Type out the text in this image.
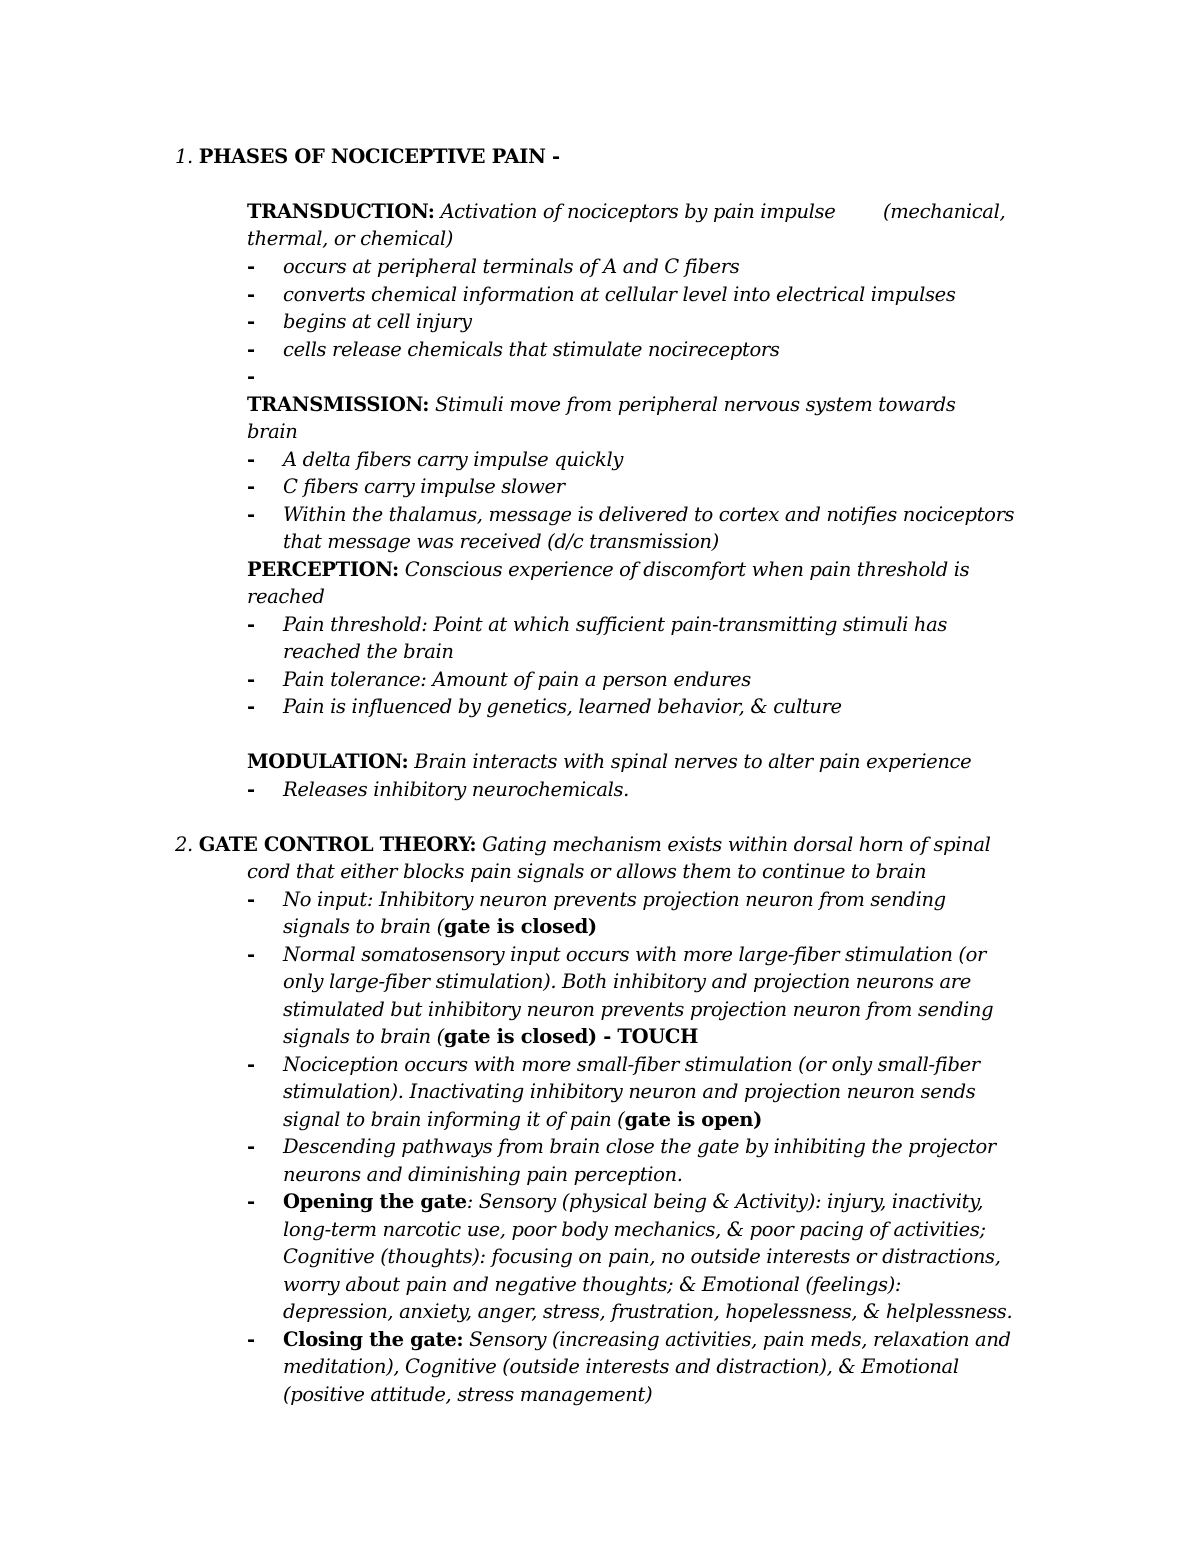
1. PHASES OF NOCICEPTIVE PAIN -
TRANSDUCTION: Activation of nociceptors by pain impulse (mechanical,
thermal, or chemical)
- occurs at peripheral terminals of A and C fibers
- converts chemical information at cellular level into electrical impulses
- begins at cell injury
- cells release chemicals that stimulate nocireceptors
-
TRANSMISSION: Stimuli move from peripheral nervous system towards
brain
- A delta fibers carry impulse quickly
- C fibers carry impulse slower
- Within the thalamus, message is delivered to cortex and notifies nociceptors
that message was received (d/c transmission)
PERCEPTION: Conscious experience of discomfort when pain threshold is
reached
- Pain threshold: Point at which sufficient pain-transmitting stimuli has
reached the brain
- Pain tolerance: Amount of pain a person endures
- Pain is influenced by genetics, learned behavior, & culture
MODULATION: Brain interacts with spinal nerves to alter pain experience
- Releases inhibitory neurochemicals.
2. GATE CONTROL THEORY: Gating mechanism exists within dorsal horn of spinal
cord that either blocks pain signals or allows them to continue to brain
- No input: Inhibitory neuron prevents projection neuron from sending
signals to brain (gate is closed)
- Normal somatosensory input occurs with more large-fiber stimulation (or
only large-fiber stimulation). Both inhibitory and projection neurons are
stimulated but inhibitory neuron prevents projection neuron from sending
signals to brain (gate is closed) - TOUCH
- Nociception occurs with more small-fiber stimulation (or only small-fiber
stimulation). Inactivating inhibitory neuron and projection neuron sends
signal to brain informing it of pain (gate is open)
- Descending pathways from brain close the gate by inhibiting the projector
neurons and diminishing pain perception.
- Opening the gate: Sensory (physical being & Activity): injury, inactivity,
long-term narcotic use, poor body mechanics, & poor pacing of activities;
Cognitive (thoughts): focusing on pain, no outside interests or distractions,
worry about pain and negative thoughts; & Emotional (feelings):
depression, anxiety, anger, stress, frustration, hopelessness, & helplessness.
- Closing the gate: Sensory (increasing activities, pain meds, relaxation and
meditation), Cognitive (outside interests and distraction), & Emotional
(positive attitude, stress management)
